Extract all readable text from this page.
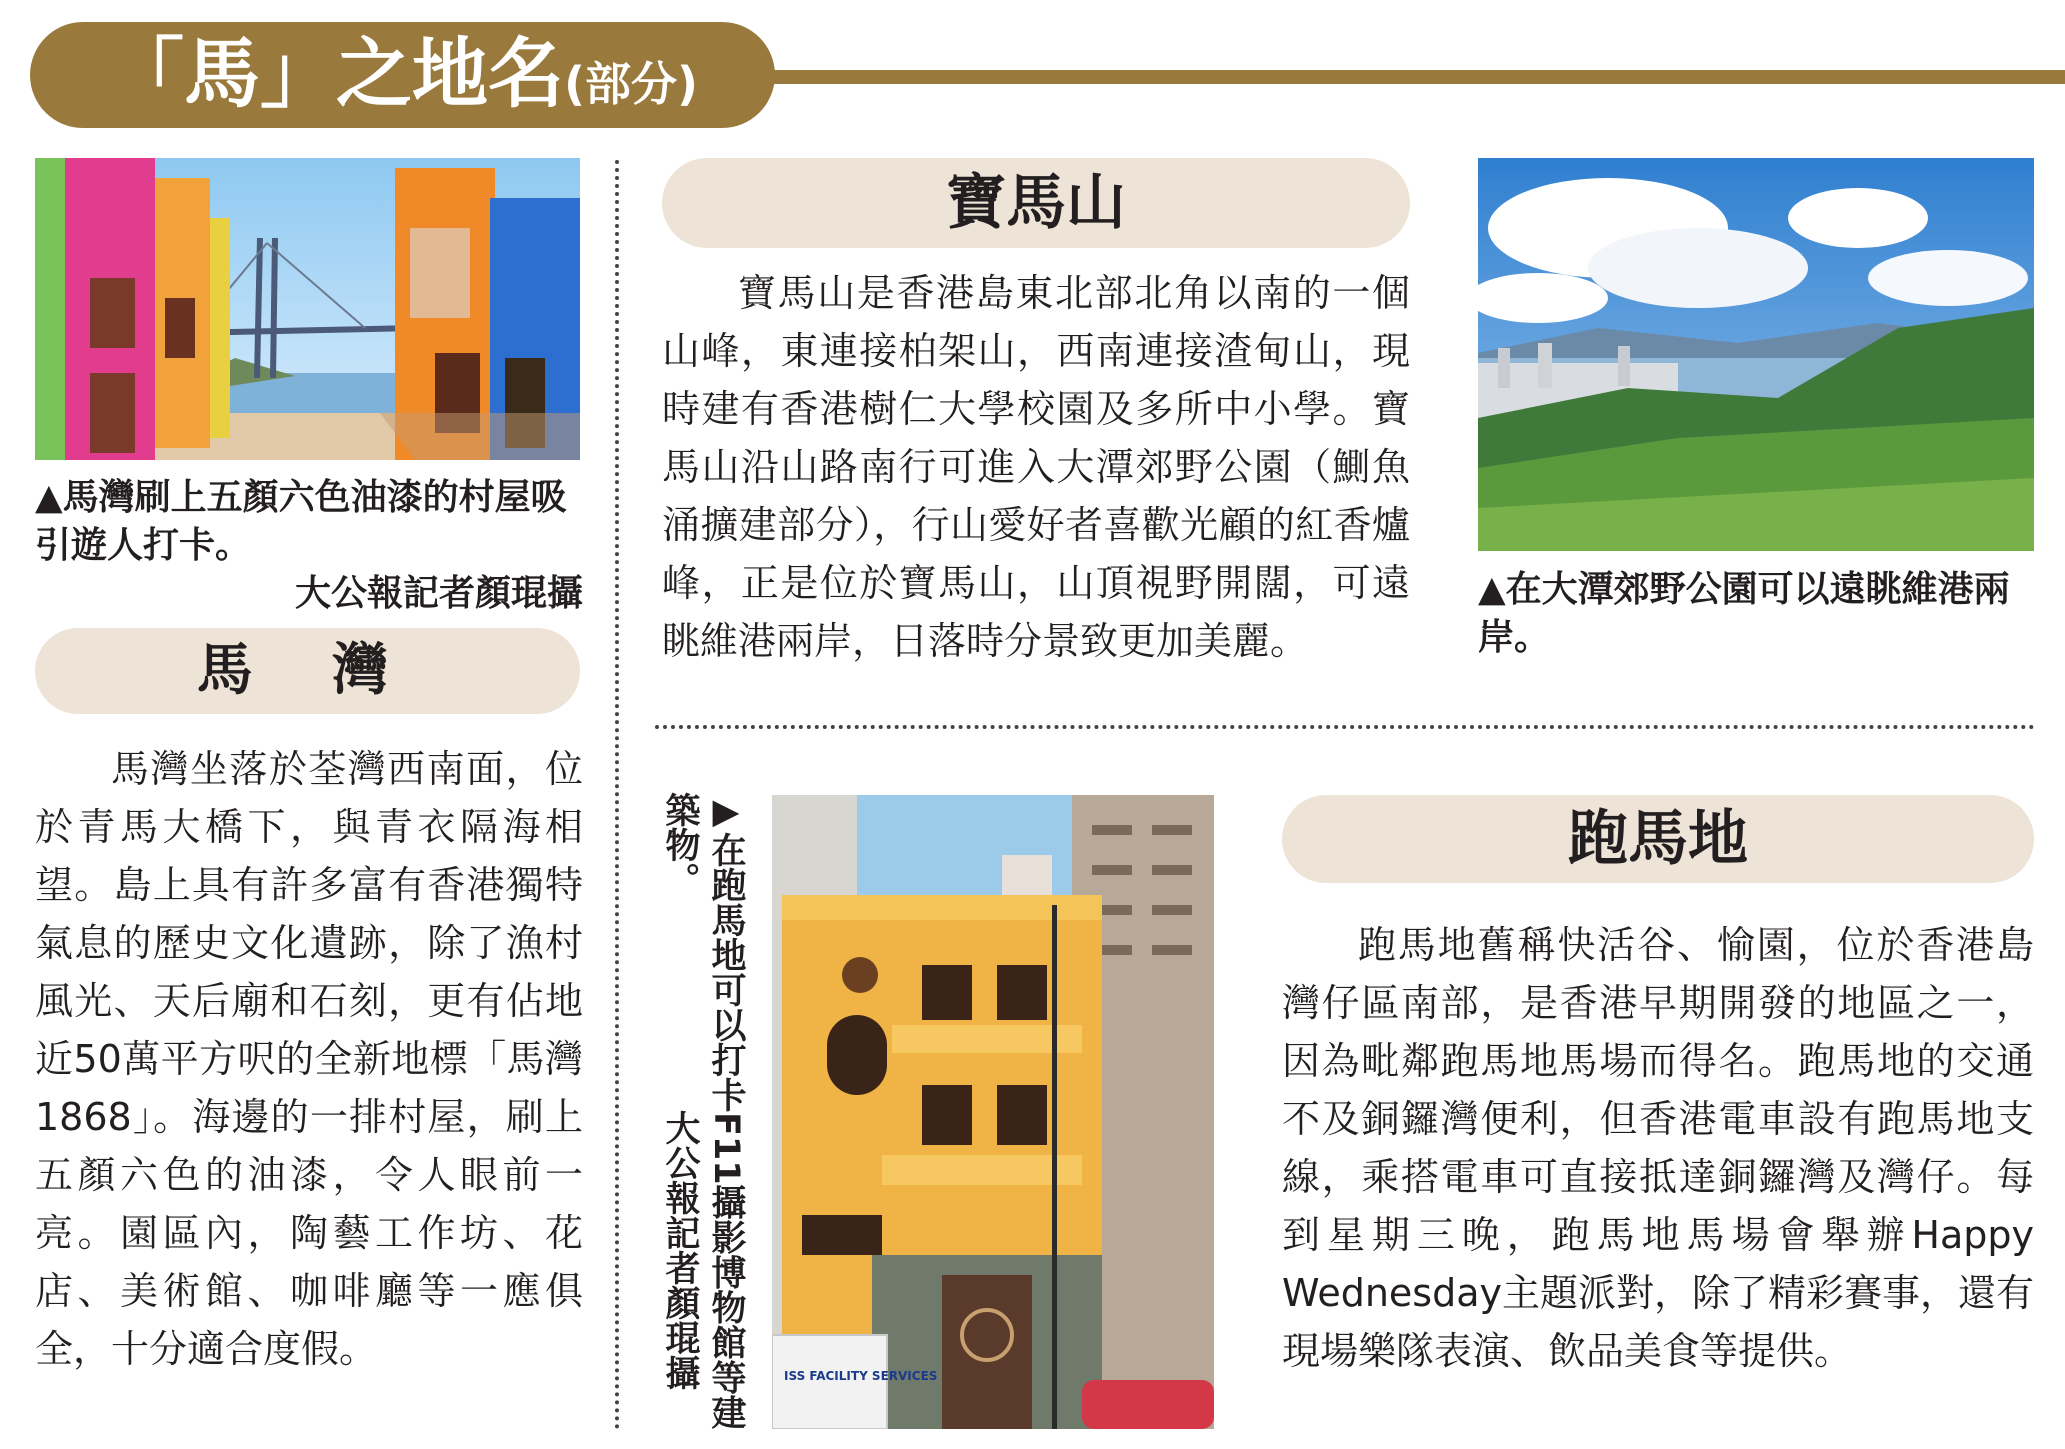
「馬」之地名(部分)
▲馬灣刷上五顏六色油漆的村屋吸引遊人打卡。
大公報記者顏琨攝
馬 灣
馬灣坐落於荃灣西南面，位於青馬大橋下，與青衣隔海相望。島上具有許多富有香港獨特氣息的歷史文化遺跡，除了漁村風光、天后廟和石刻，更有佔地近50萬平方呎的全新地標「馬灣1868」。海邊的一排村屋，刷上五顏六色的油漆，令人眼前一亮。園區內，陶藝工作坊、花店、美術館、咖啡廳等一應俱全，十分適合度假。
寶馬山
寶馬山是香港島東北部北角以南的一個山峰，東連接柏架山，西南連接渣甸山，現時建有香港樹仁大學校園及多所中小學。寶馬山沿山路南行可進入大潭郊野公園（鰂魚涌擴建部分），行山愛好者喜歡光顧的紅香爐峰，正是位於寶馬山，山頂視野開闊，可遠眺維港兩岸，日落時分景致更加美麗。
▲在大潭郊野公園可以遠眺維港兩岸。
▶在跑馬地可以打卡F11攝影博物館等建築物。

大公報記者顏琨攝	ISS FACILITY SERVICES
跑馬地
跑馬地舊稱快活谷、愉園，位於香港島灣仔區南部，是香港早期開發的地區之一，因為毗鄰跑馬地馬場而得名。跑馬地的交通不及銅鑼灣便利，但香港電車設有跑馬地支線，乘搭電車可直接抵達銅鑼灣及灣仔。每到星期三晚，跑馬地馬場會舉辦Happy Wednesday主題派對，除了精彩賽事，還有現場樂隊表演、飲品美食等提供。
